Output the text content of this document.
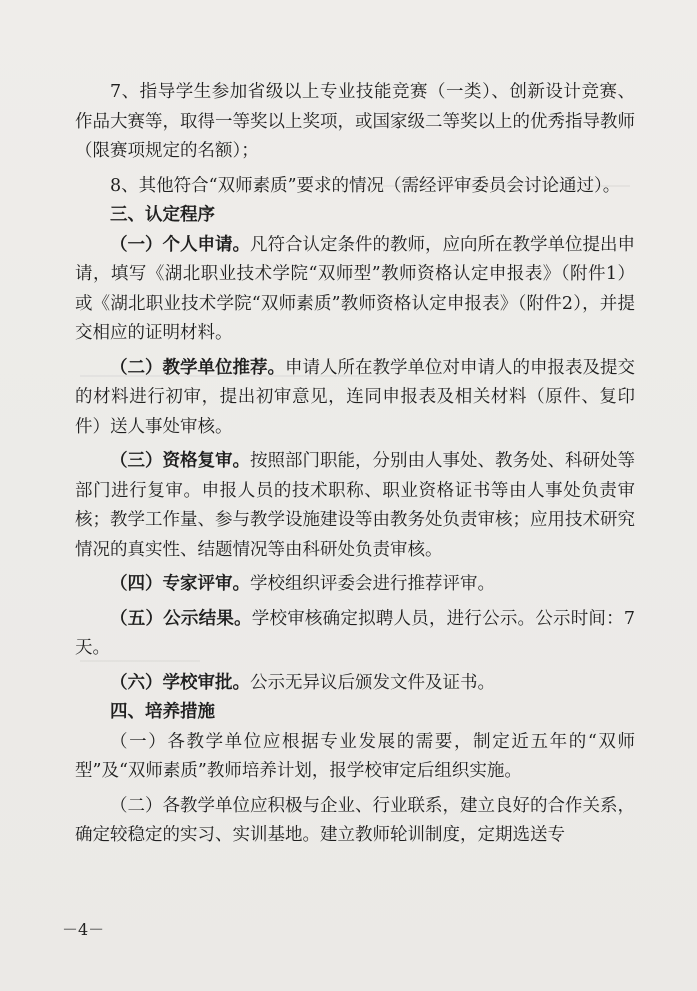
7、指导学生参加省级以上专业技能竞赛（一类）、创新设计竞赛、作品大赛等，取得一等奖以上奖项，或国家级二等奖以上的优秀指导教师（限赛项规定的名额）；

8、其他符合“双师素质”要求的情况（需经评审委员会讨论通过）。

三、认定程序

（一）个人申请。凡符合认定条件的教师，应向所在教学单位提出申请，填写《湖北职业技术学院“双师型”教师资格认定申报表》（附件1）或《湖北职业技术学院“双师素质”教师资格认定申报表》（附件2），并提交相应的证明材料。

（二）教学单位推荐。申请人所在教学单位对申请人的申报表及提交的材料进行初审，提出初审意见，连同申报表及相关材料（原件、复印件）送人事处审核。

（三）资格复审。按照部门职能，分别由人事处、教务处、科研处等部门进行复审。申报人员的技术职称、职业资格证书等由人事处负责审核；教学工作量、参与教学设施建设等由教务处负责审核；应用技术研究情况的真实性、结题情况等由科研处负责审核。

（四）专家评审。学校组织评委会进行推荐评审。

（五）公示结果。学校审核确定拟聘人员，进行公示。公示时间：7天。

（六）学校审批。公示无异议后颁发文件及证书。

四、培养措施

（一）各教学单位应根据专业发展的需要，制定近五年的“双师型”及“双师素质”教师培养计划，报学校审定后组织实施。

（二）各教学单位应积极与企业、行业联系，建立良好的合作关系，确定较稳定的实习、实训基地。建立教师轮训制度，定期选送专

－4－
